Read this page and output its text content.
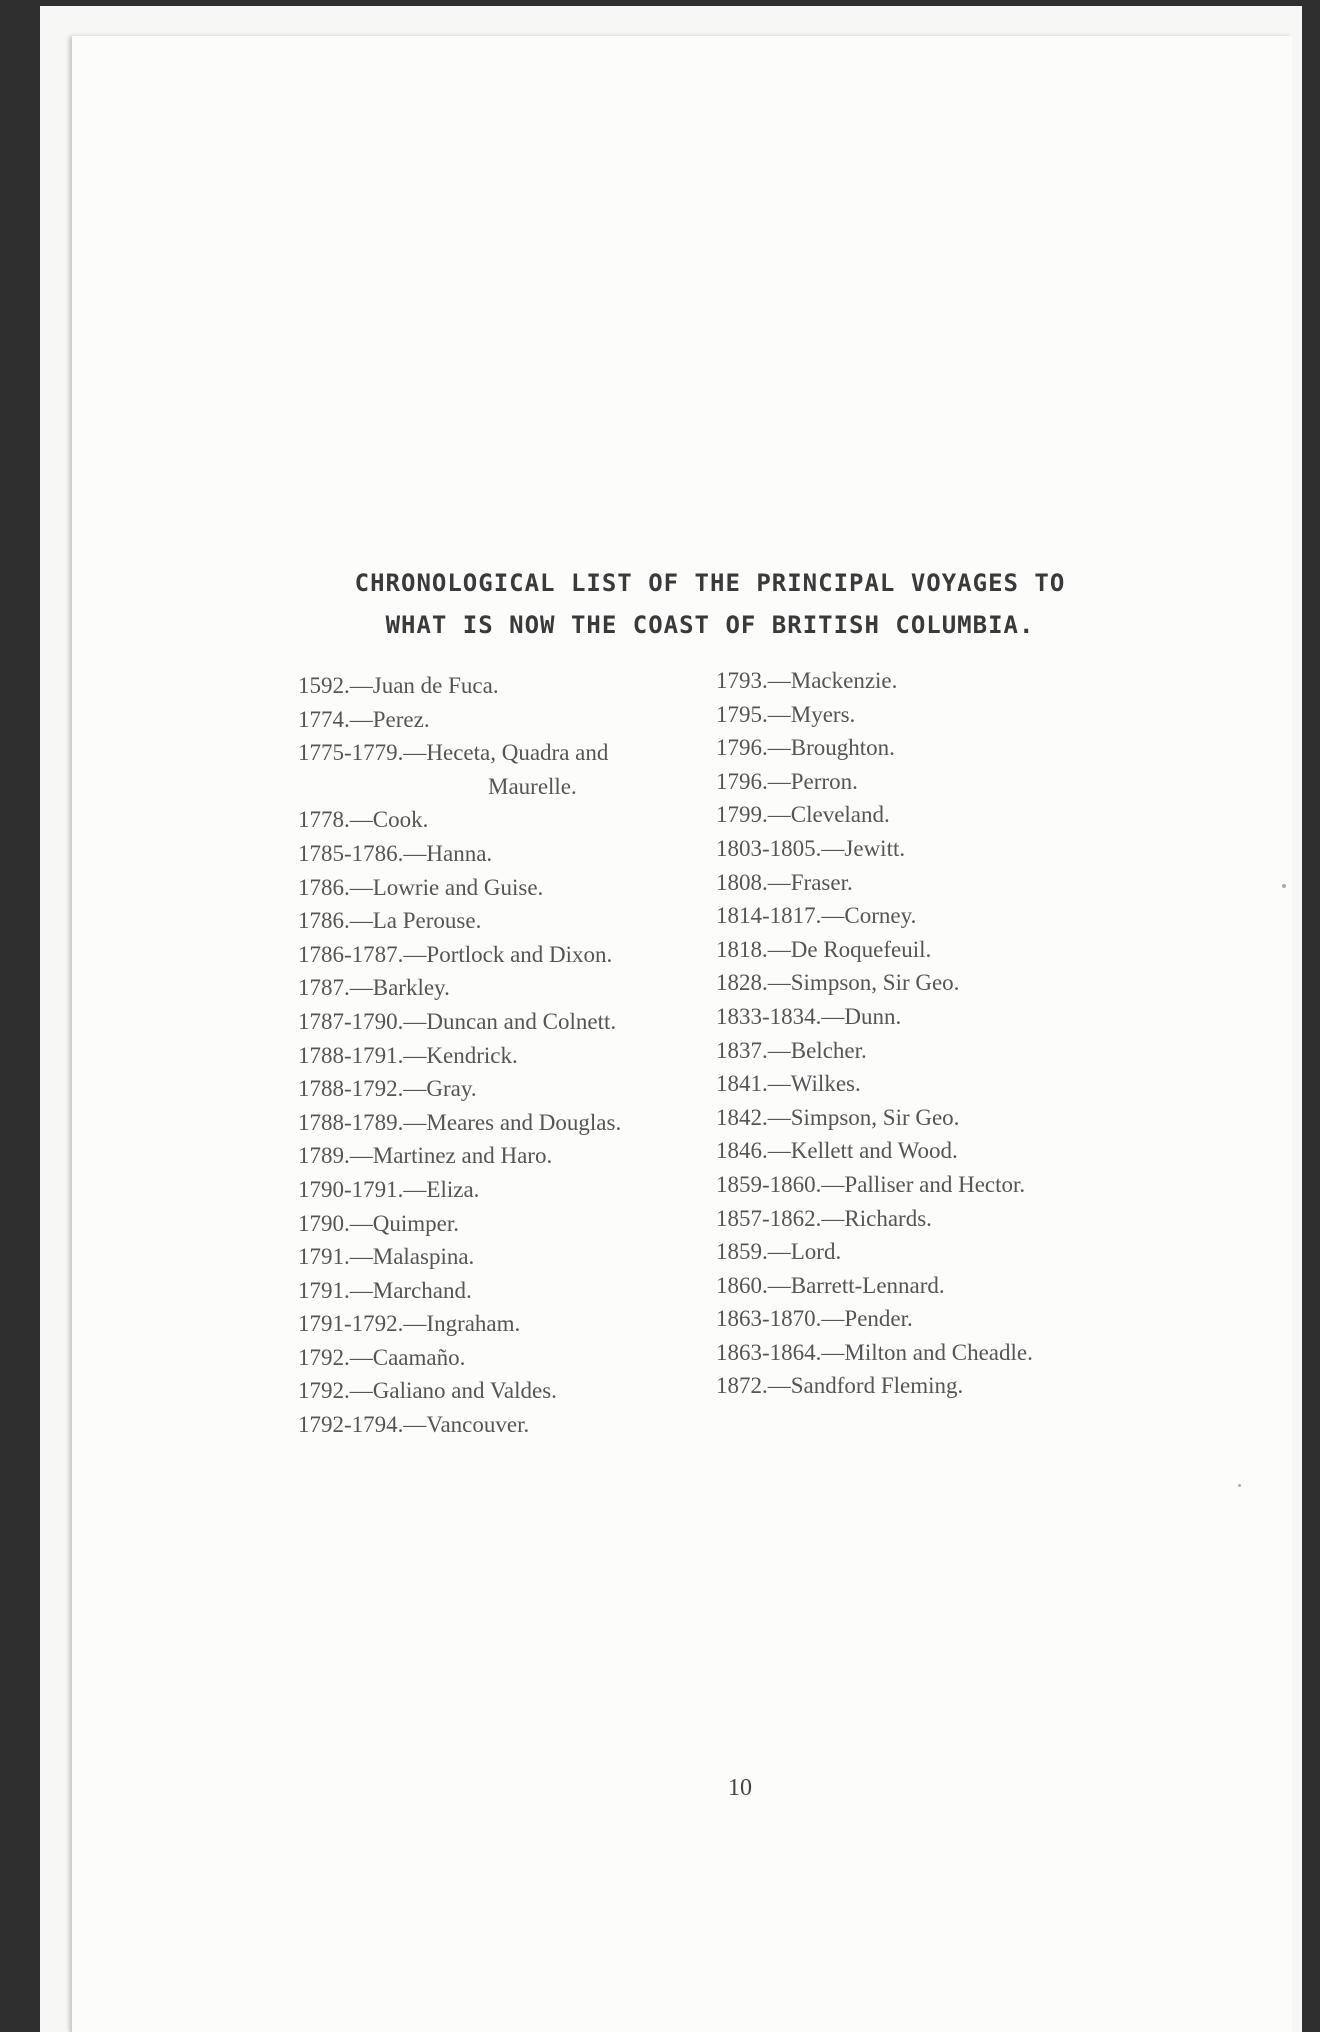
CHRONOLOGICAL LIST OF THE PRINCIPAL VOYAGES TO
WHAT IS NOW THE COAST OF BRITISH COLUMBIA.
1592.—Juan de Fuca.
1774.—Perez.
1775-1779.—Heceta, Quadra and
Maurelle.
1778.—Cook.
1785-1786.—Hanna.
1786.—Lowrie and Guise.
1786.—La Perouse.
1786-1787.—Portlock and Dixon.
1787.—Barkley.
1787-1790.—Duncan and Colnett.
1788-1791.—Kendrick.
1788-1792.—Gray.
1788-1789.—Meares and Douglas.
1789.—Martinez and Haro.
1790-1791.—Eliza.
1790.—Quimper.
1791.—Malaspina.
1791.—Marchand.
1791-1792.—Ingraham.
1792.—Caamaño.
1792.—Galiano and Valdes.
1792-1794.—Vancouver.
1793.—Mackenzie.
1795.—Myers.
1796.—Broughton.
1796.—Perron.
1799.—Cleveland.
1803-1805.—Jewitt.
1808.—Fraser.
1814-1817.—Corney.
1818.—De Roquefeuil.
1828.—Simpson, Sir Geo.
1833-1834.—Dunn.
1837.—Belcher.
1841.—Wilkes.
1842.—Simpson, Sir Geo.
1846.—Kellett and Wood.
1859-1860.—Palliser and Hector.
1857-1862.—Richards.
1859.—Lord.
1860.—Barrett-Lennard.
1863-1870.—Pender.
1863-1864.—Milton and Cheadle.
1872.—Sandford Fleming.
10
